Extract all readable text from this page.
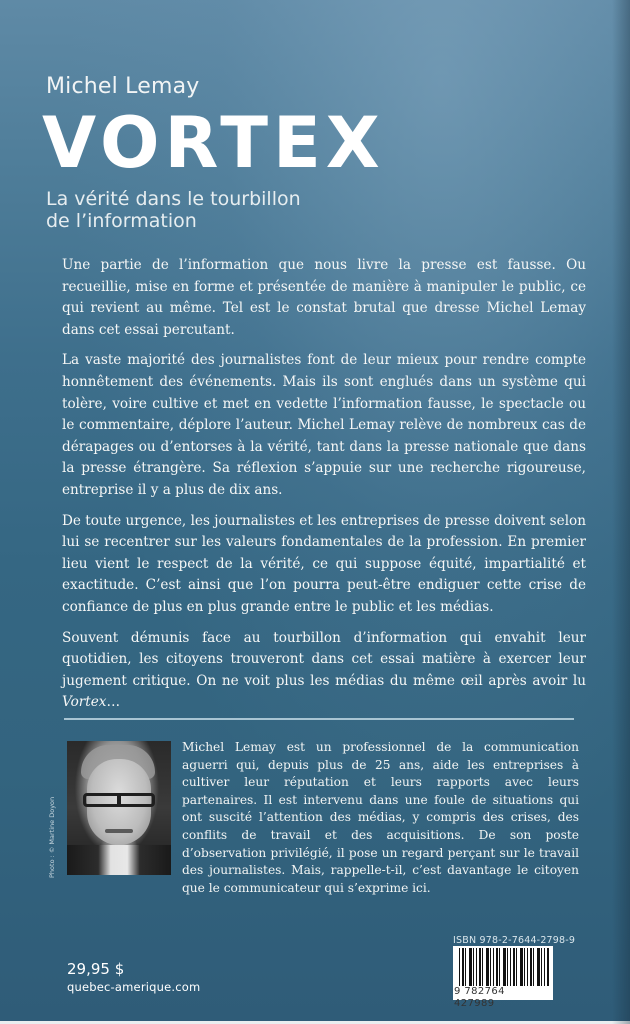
Michel Lemay
VORTEX
La vérité dans le tourbillon
de l’information

Une partie de l’information que nous livre la presse est fausse. Ou recueillie, mise en forme et présentée de manière à manipuler le public, ce qui revient au même. Tel est le constat brutal que dresse Michel Lemay dans cet essai percutant.

La vaste majorité des journalistes font de leur mieux pour rendre compte honnêtement des événements. Mais ils sont englués dans un système qui tolère, voire cultive et met en vedette l’information fausse, le spectacle ou le commentaire, déplore l’auteur. Michel Lemay relève de nombreux cas de dérapages ou d’entorses à la vérité, tant dans la presse nationale que dans la presse étrangère. Sa réflexion s’appuie sur une recherche rigoureuse, entreprise il y a plus de dix ans.

De toute urgence, les journalistes et les entreprises de presse doivent selon lui se recentrer sur les valeurs fondamentales de la profession. En premier lieu vient le respect de la vérité, ce qui suppose équité, impartialité et exactitude. C’est ainsi que l’on pourra peut-être endiguer cette crise de confiance de plus en plus grande entre le public et les médias.

Souvent démunis face au tourbillon d’information qui envahit leur quotidien, les citoyens trouveront dans cet essai matière à exercer leur jugement critique. On ne voit plus les médias du même œil après avoir lu Vortex…

Photo : © Martine Doyon
Michel Lemay est un professionnel de la communication aguerri qui, depuis plus de 25 ans, aide les entreprises à cultiver leur réputation et leurs rapports avec leurs partenaires. Il est intervenu dans une foule de situations qui ont suscité l’attention des médias, y compris des crises, des conflits de travail et des acquisitions. De son poste d’observation privilégié, il pose un regard perçant sur le travail des journalistes. Mais, rappelle-t-il, c’est davantage le citoyen que le communicateur qui s’exprime ici.
29,95 $
quebec-amerique.com
ISBN 978-2-7644-2798-9
9 782764 427989
